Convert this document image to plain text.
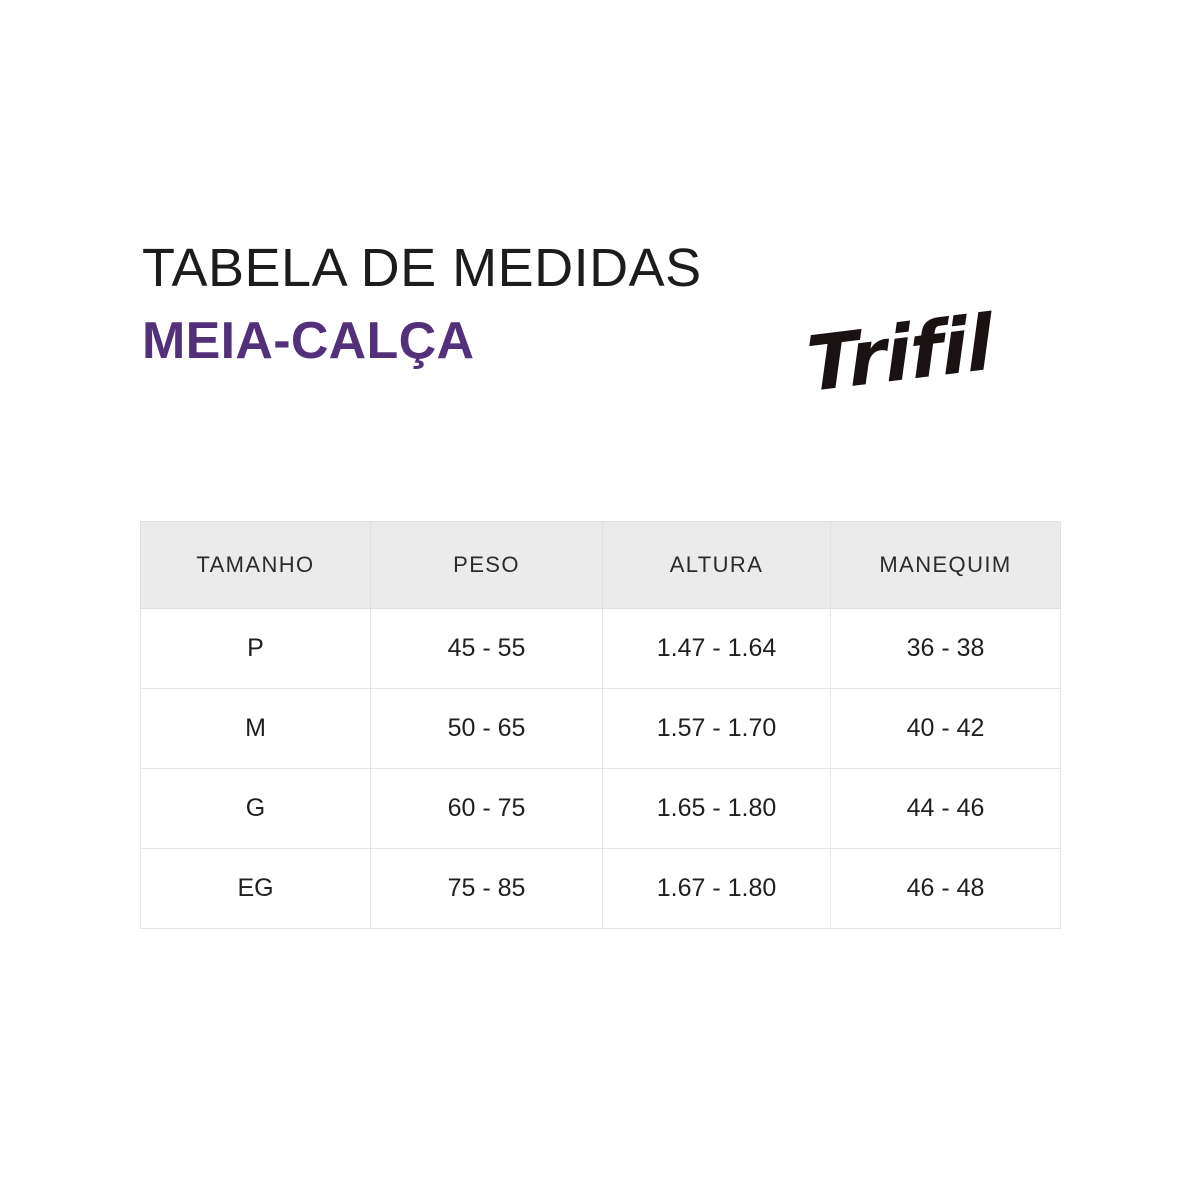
TABELA DE MEDIDAS
MEIA-CALÇA	Trifil
TAMANHO	PESO	ALTURA	MANEQUIM
P	45 - 55	1.47 - 1.64	36 - 38
M	50 - 65	1.57 - 1.70	40 - 42
G	60 - 75	1.65 - 1.80	44 - 46
EG	75 - 85	1.67 - 1.80	46 - 48
